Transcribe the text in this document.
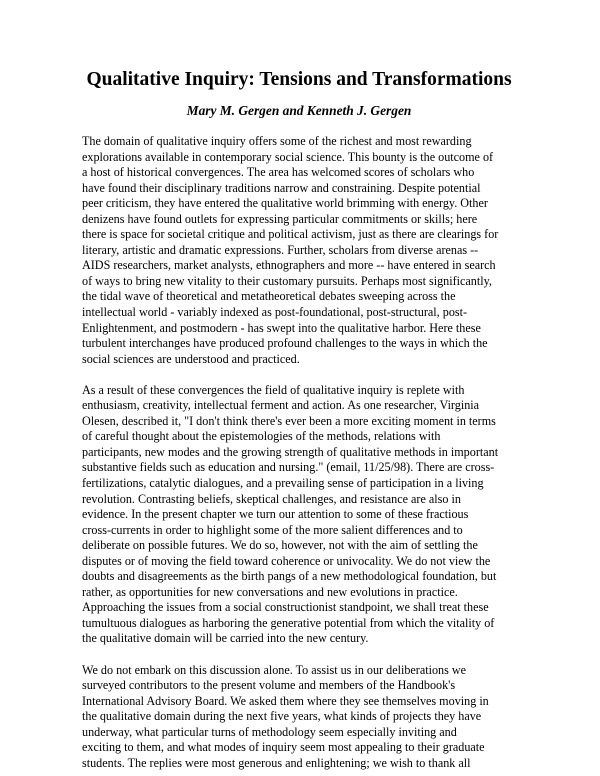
Qualitative Inquiry: Tensions and Transformations
Mary M. Gergen and Kenneth J. Gergen

The domain of qualitative inquiry offers some of the richest and most rewarding
explorations available in contemporary social science. This bounty is the outcome of
a host of historical convergences. The area has welcomed scores of scholars who
have found their disciplinary traditions narrow and constraining. Despite potential
peer criticism, they have entered the qualitative world brimming with energy. Other
denizens have found outlets for expressing particular commitments or skills; here
there is space for societal critique and political activism, just as there are clearings for
literary, artistic and dramatic expressions. Further, scholars from diverse arenas --
AIDS researchers, market analysts, ethnographers and more -- have entered in search
of ways to bring new vitality to their customary pursuits. Perhaps most significantly,
the tidal wave of theoretical and metatheoretical debates sweeping across the
intellectual world - variably indexed as post-foundational, post-structural, post-
Enlightenment, and postmodern - has swept into the qualitative harbor. Here these
turbulent interchanges have produced profound challenges to the ways in which the
social sciences are understood and practiced.

As a result of these convergences the field of qualitative inquiry is replete with
enthusiasm, creativity, intellectual ferment and action. As one researcher, Virginia
Olesen, described it, "I don't think there's ever been a more exciting moment in terms
of careful thought about the epistemologies of the methods, relations with
participants, new modes and the growing strength of qualitative methods in important
substantive fields such as education and nursing." (email, 11/25/98). There are cross-
fertilizations, catalytic dialogues, and a prevailing sense of participation in a living
revolution. Contrasting beliefs, skeptical challenges, and resistance are also in
evidence. In the present chapter we turn our attention to some of these fractious
cross-currents in order to highlight some of the more salient differences and to
deliberate on possible futures. We do so, however, not with the aim of settling the
disputes or of moving the field toward coherence or univocality. We do not view the
doubts and disagreements as the birth pangs of a new methodological foundation, but
rather, as opportunities for new conversations and new evolutions in practice.
Approaching the issues from a social constructionist standpoint, we shall treat these
tumultuous dialogues as harboring the generative potential from which the vitality of
the qualitative domain will be carried into the new century.

We do not embark on this discussion alone. To assist us in our deliberations we
surveyed contributors to the present volume and members of the Handbook's
International Advisory Board. We asked them where they see themselves moving in
the qualitative domain during the next five years, what kinds of projects they have
underway, what particular turns of methodology seem especially inviting and
exciting to them, and what modes of inquiry seem most appealing to their graduate
students. The replies were most generous and enlightening; we wish to thank all
